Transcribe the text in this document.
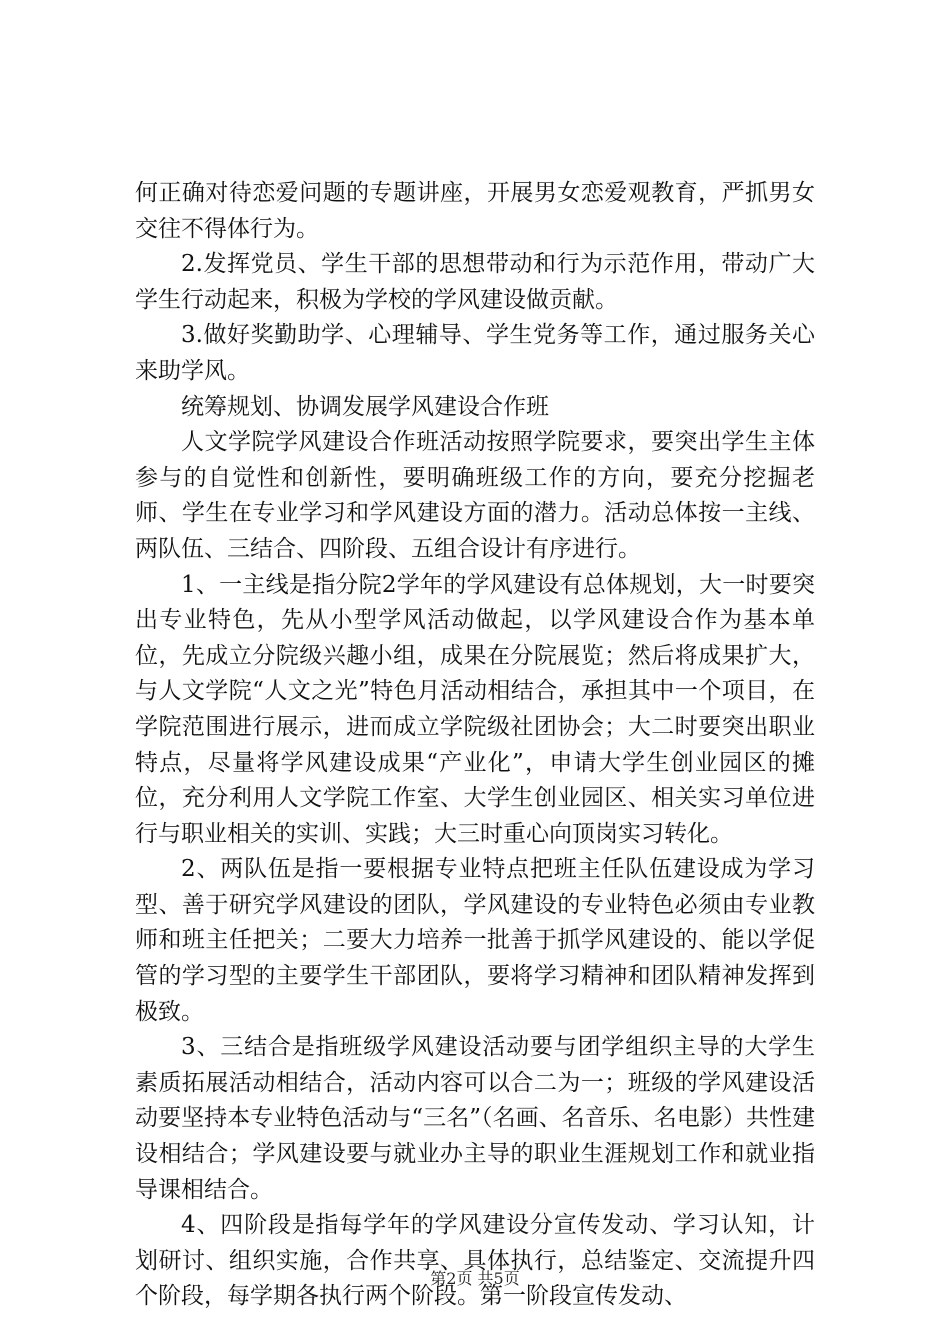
何正确对待恋爱问题的专题讲座，开展男女恋爱观教育，严抓男女交往不得体行为。

2.发挥党员、学生干部的思想带动和行为示范作用，带动广大学生行动起来，积极为学校的学风建设做贡献。

3.做好奖勤助学、心理辅导、学生党务等工作，通过服务关心来助学风。

统筹规划、协调发展学风建设合作班

人文学院学风建设合作班活动按照学院要求，要突出学生主体参与的自觉性和创新性，要明确班级工作的方向，要充分挖掘老师、学生在专业学习和学风建设方面的潜力。活动总体按一主线、两队伍、三结合、四阶段、五组合设计有序进行。

1、一主线是指分院2学年的学风建设有总体规划，大一时要突出专业特色，先从小型学风活动做起，以学风建设合作为基本单位，先成立分院级兴趣小组，成果在分院展览；然后将成果扩大，与人文学院“人文之光”特色月活动相结合，承担其中一个项目，在学院范围进行展示，进而成立学院级社团协会；大二时要突出职业特点，尽量将学风建设成果“产业化”，申请大学生创业园区的摊位，充分利用人文学院工作室、大学生创业园区、相关实习单位进行与职业相关的实训、实践；大三时重心向顶岗实习转化。

2、两队伍是指一要根据专业特点把班主任队伍建设成为学习型、善于研究学风建设的团队，学风建设的专业特色必须由专业教师和班主任把关；二要大力培养一批善于抓学风建设的、能以学促管的学习型的主要学生干部团队，要将学习精神和团队精神发挥到极致。

3、三结合是指班级学风建设活动要与团学组织主导的大学生素质拓展活动相结合，活动内容可以合二为一；班级的学风建设活动要坚持本专业特色活动与“三名”（名画、名音乐、名电影）共性建设相结合；学风建设要与就业办主导的职业生涯规划工作和就业指导课相结合。

4、四阶段是指每学年的学风建设分宣传发动、学习认知，计划研讨、组织实施，合作共享、具体执行，总结鉴定、交流提升四个阶段，每学期各执行两个阶段。第一阶段宣传发动、

第2页 共5页
